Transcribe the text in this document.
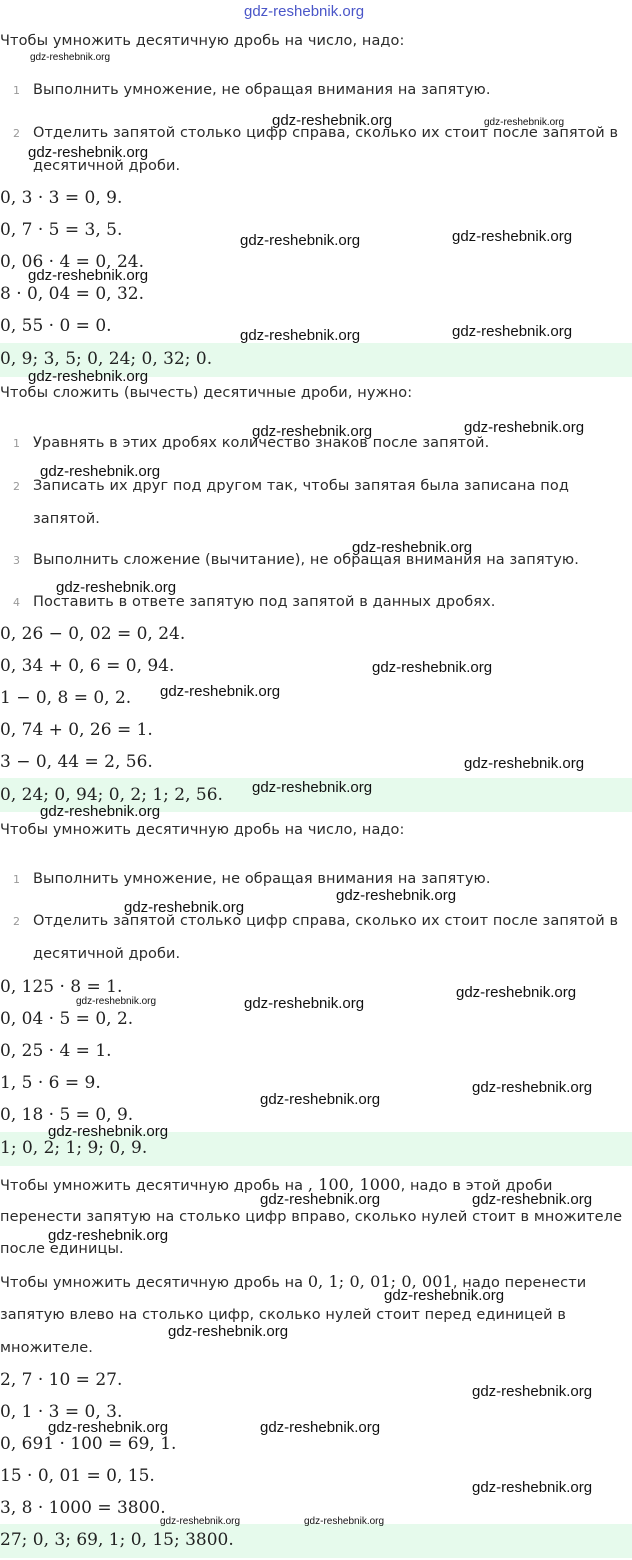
Чтобы умножить десятичную дробь на число, надо:
1 Выполнить умножение, не обращая внимания на запятую.
2 Отделить запятой столько цифр справа, сколько их стоит после запятой в
десятичной дроби.
0, 3 · 3 = 0, 9.
0, 7 · 5 = 3, 5.
0, 06 · 4 = 0, 24.
8 · 0, 04 = 0, 32.
0, 55 · 0 = 0.
0, 9; 3, 5; 0, 24; 0, 32; 0.
Чтобы сложить (вычесть) десятичные дроби, нужно:
1 Уравнять в этих дробях количество знаков после запятой.
2 Записать их друг под другом так, чтобы запятая была записана под
запятой.
3 Выполнить сложение (вычитание), не обращая внимания на запятую.
4 Поставить в ответе запятую под запятой в данных дробях.
0, 26 − 0, 02 = 0, 24.
0, 34 + 0, 6 = 0, 94.
1 − 0, 8 = 0, 2.
0, 74 + 0, 26 = 1.
3 − 0, 44 = 2, 56.
0, 24; 0, 94; 0, 2; 1; 2, 56.
Чтобы умножить десятичную дробь на число, надо:
1 Выполнить умножение, не обращая внимания на запятую.
2 Отделить запятой столько цифр справа, сколько их стоит после запятой в
десятичной дроби.
0, 125 · 8 = 1.
0, 04 · 5 = 0, 2.
0, 25 · 4 = 1.
1, 5 · 6 = 9.
0, 18 · 5 = 0, 9.
1; 0, 2; 1; 9; 0, 9.
Чтобы умножить десятичную дробь на , 100, 1000, надо в этой дроби
перенести запятую на столько цифр вправо, сколько нулей стоит в множителе
после единицы.
Чтобы умножить десятичную дробь на 0, 1; 0, 01; 0, 001, надо перенести
запятую влево на столько цифр, сколько нулей стоит перед единицей в
множителе.
2, 7 · 10 = 27.
0, 1 · 3 = 0, 3.
0, 691 · 100 = 69, 1.
15 · 0, 01 = 0, 15.
3, 8 · 1000 = 3800.
27; 0, 3; 69, 1; 0, 15; 3800.
gdz-reshebnik.org
gdz-reshebnik.org
gdz-reshebnik.org	gdz-reshebnik.org
gdz-reshebnik.org
gdz-reshebnik.org	gdz-reshebnik.org
gdz-reshebnik.org
gdz-reshebnik.org	gdz-reshebnik.org
gdz-reshebnik.org
gdz-reshebnik.org	gdz-reshebnik.org
gdz-reshebnik.org
gdz-reshebnik.org
gdz-reshebnik.org
gdz-reshebnik.org
gdz-reshebnik.org
gdz-reshebnik.org
gdz-reshebnik.org
gdz-reshebnik.org
gdz-reshebnik.org
gdz-reshebnik.org
gdz-reshebnik.org
gdz-reshebnik.org	gdz-reshebnik.org
gdz-reshebnik.org
gdz-reshebnik.org
gdz-reshebnik.org
gdz-reshebnik.org	gdz-reshebnik.org
gdz-reshebnik.org
gdz-reshebnik.org
gdz-reshebnik.org
gdz-reshebnik.org
gdz-reshebnik.org	gdz-reshebnik.org
gdz-reshebnik.org
gdz-reshebnik.org	gdz-reshebnik.org
